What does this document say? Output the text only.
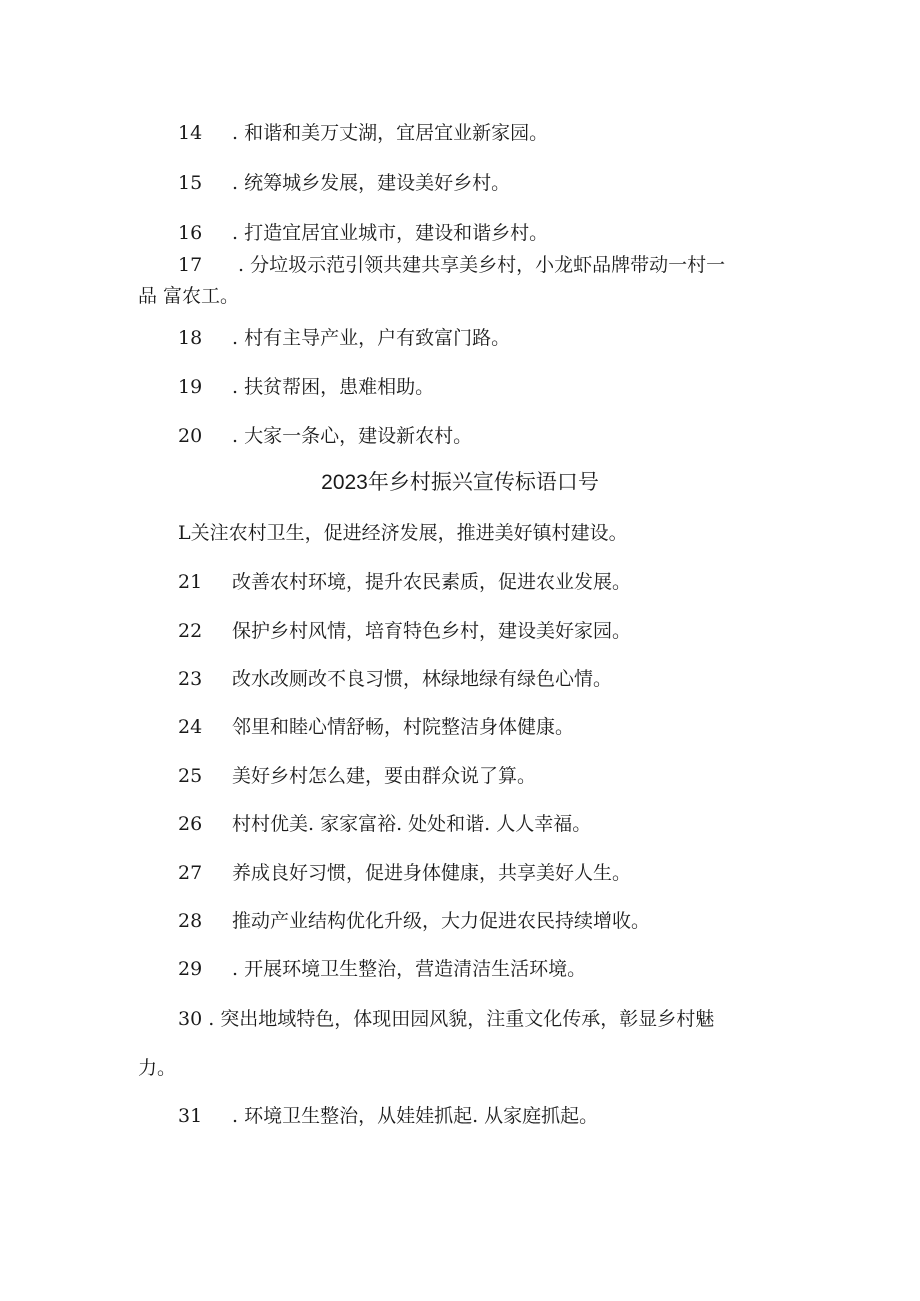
14 . 和谐和美万丈湖，宜居宜业新家园。
15 . 统筹城乡发展，建设美好乡村。
16 . 打造宜居宜业城市，建设和谐乡村。
17 . 分垃圾示范引领共建共享美乡村，小龙虾品牌带动一村一
品 富农工。
18 . 村有主导产业，户有致富门路。
19 . 扶贫帮困，患难相助。
20 . 大家一条心，建设新农村。
2023年乡村振兴宣传标语口号
L关注农村卫生，促进经济发展，推进美好镇村建设。
21 改善农村环境，提升农民素质，促进农业发展。
22 保护乡村风情，培育特色乡村，建设美好家园。
23 改水改厕改不良习惯，林绿地绿有绿色心情。
24 邻里和睦心情舒畅，村院整洁身体健康。
25 美好乡村怎么建，要由群众说了算。
26 村村优美. 家家富裕. 处处和谐. 人人幸福。
27 养成良好习惯，促进身体健康，共享美好人生。
28 推动产业结构优化升级，大力促进农民持续增收。
29 . 开展环境卫生整治，营造清洁生活环境。
30 . 突出地域特色，体现田园风貌，注重文化传承，彰显乡村魅
力。
31 . 环境卫生整治，从娃娃抓起. 从家庭抓起。
